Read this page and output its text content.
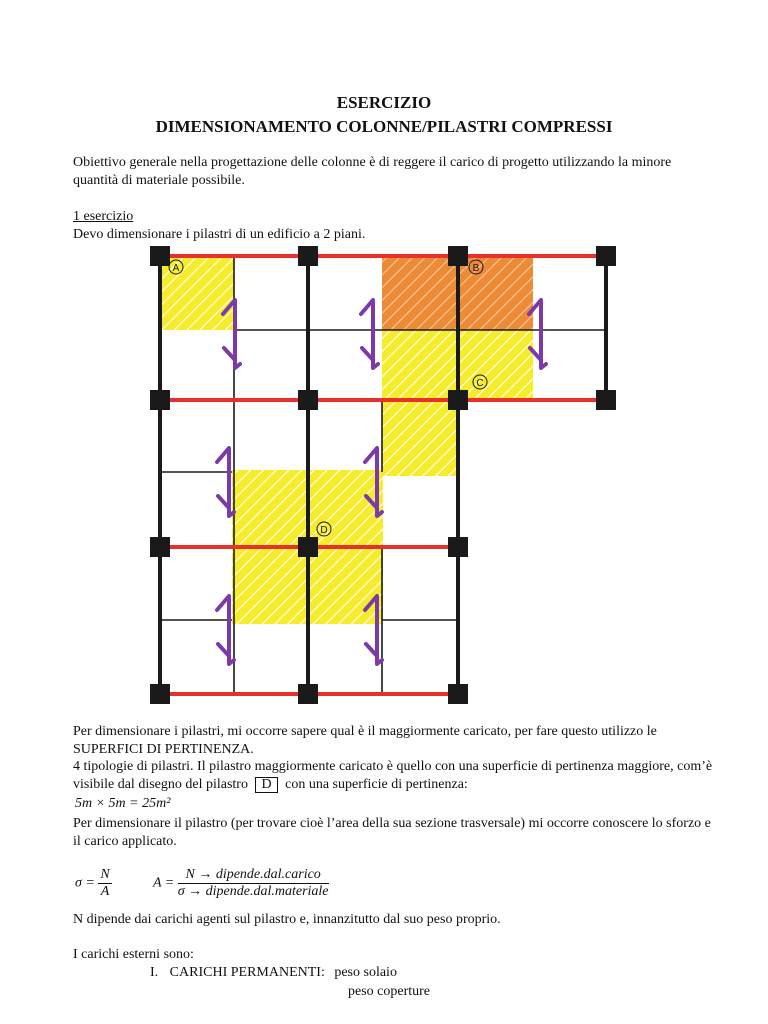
ESERCIZIO
DIMENSIONAMENTO COLONNE/PILASTRI COMPRESSI
Obiettivo generale nella progettazione delle colonne è di reggere il carico di progetto utilizzando la minore quantità di materiale possibile.
1 esercizio
Devo dimensionare i pilastri di un edificio a 2 piani.
A	B
C
D
Per dimensionare i pilastri, mi occorre sapere qual è il maggiormente caricato, per fare questo utilizzo le SUPERFICI DI PERTINENZA.
4 tipologie di pilastri. Il pilastro maggiormente caricato è quello con una superficie di pertinenza maggiore, com’è visibile dal disegno del pilastro D con una superficie di pertinenza:
5m × 5m = 25m²
Per dimensionare il pilastro (per trovare cioè l’area della sua sezione trasversale) mi occorre conoscere lo sforzo e il carico applicato.
$\sigma = \frac{N}{A}$	$A = \frac{\text{N → dipende.dal.carico}}{\text{σ → dipende.dal.materiale}}$
N dipende dai carichi agenti sul pilastro e, innanzitutto dal suo peso proprio.
I carichi esterni sono:
I. CARICHI PERMANENTI: peso solaio
peso coperture
